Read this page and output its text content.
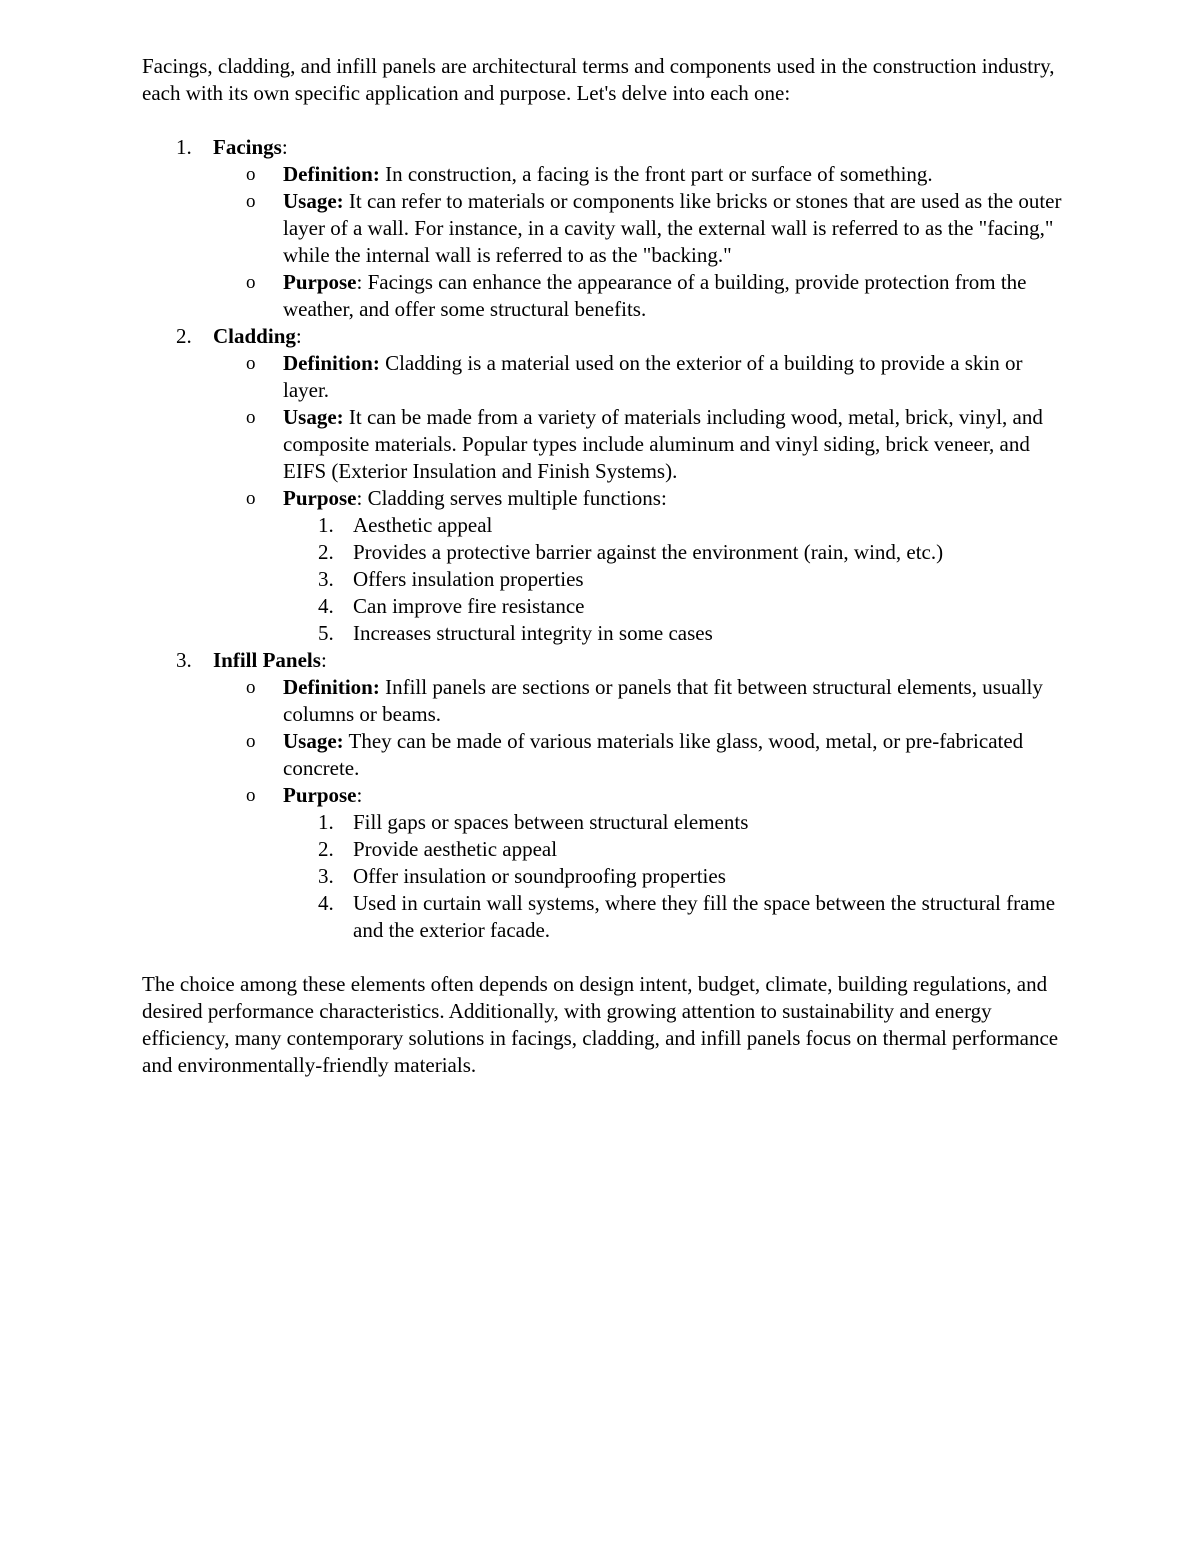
Facings, cladding, and infill panels are architectural terms and components used in the construction industry, each with its own specific application and purpose. Let's delve into each one:

1. Facings:
o Definition: In construction, a facing is the front part or surface of something.
o Usage: It can refer to materials or components like bricks or stones that are used as the outer layer of a wall. For instance, in a cavity wall, the external wall is referred to as the "facing," while the internal wall is referred to as the "backing."
o Purpose: Facings can enhance the appearance of a building, provide protection from the weather, and offer some structural benefits.
2. Cladding:
o Definition: Cladding is a material used on the exterior of a building to provide a skin or layer.
o Usage: It can be made from a variety of materials including wood, metal, brick, vinyl, and composite materials. Popular types include aluminum and vinyl siding, brick veneer, and EIFS (Exterior Insulation and Finish Systems).
o Purpose: Cladding serves multiple functions:
1. Aesthetic appeal
2. Provides a protective barrier against the environment (rain, wind, etc.)
3. Offers insulation properties
4. Can improve fire resistance
5. Increases structural integrity in some cases
3. Infill Panels:
o Definition: Infill panels are sections or panels that fit between structural elements, usually columns or beams.
o Usage: They can be made of various materials like glass, wood, metal, or pre-fabricated concrete.
o Purpose:
1. Fill gaps or spaces between structural elements
2. Provide aesthetic appeal
3. Offer insulation or soundproofing properties
4. Used in curtain wall systems, where they fill the space between the structural frame and the exterior facade.

The choice among these elements often depends on design intent, budget, climate, building regulations, and desired performance characteristics. Additionally, with growing attention to sustainability and energy efficiency, many contemporary solutions in facings, cladding, and infill panels focus on thermal performance and environmentally-friendly materials.
